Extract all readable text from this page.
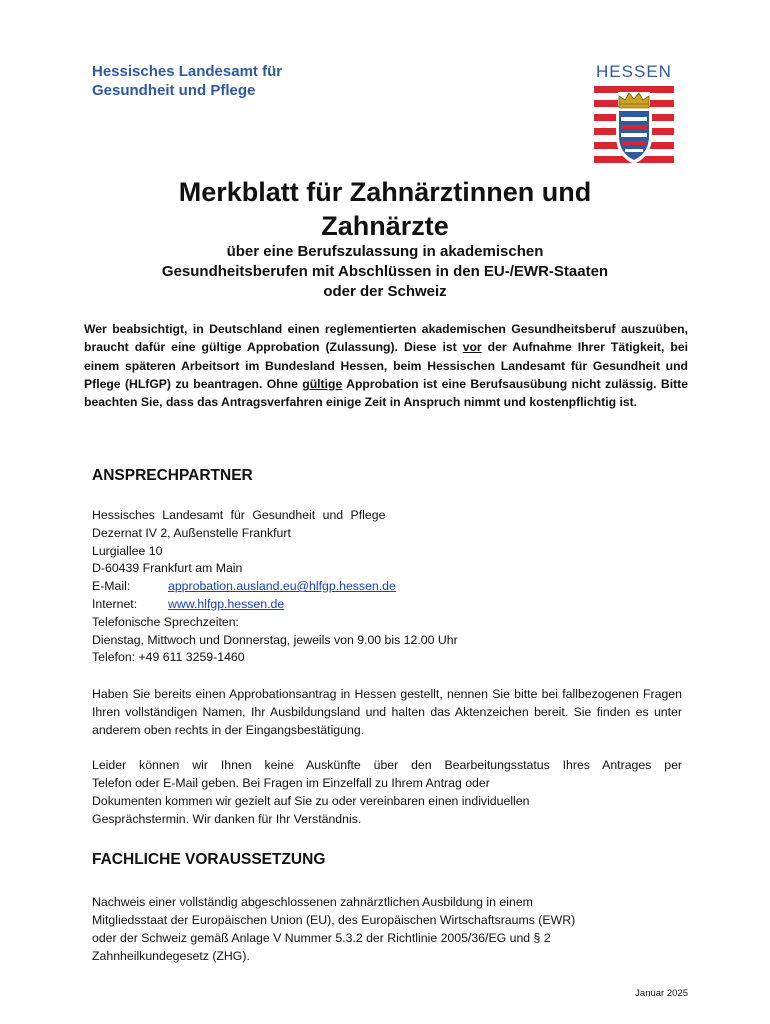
Hessisches Landesamt für
Gesundheit und Pflege
HESSEN
Merkblatt für Zahnärztinnen und
Zahnärzte
über eine Berufszulassung in akademischen
Gesundheitsberufen mit Abschlüssen in den EU-/EWR-Staaten
oder der Schweiz
Wer beabsichtigt, in Deutschland einen reglementierten akademischen Gesundheitsberuf auszuüben, braucht dafür eine gültige Approbation (Zulassung). Diese ist vor der Aufnahme Ihrer Tätigkeit, bei einem späteren Arbeitsort im Bundesland Hessen, beim Hessischen Landesamt für Gesundheit und Pflege (HLfGP) zu beantragen. Ohne gültige Approbation ist eine Berufsausübung nicht zulässig. Bitte beachten Sie, dass das Antragsverfahren einige Zeit in Anspruch nimmt und kostenpflichtig ist.
ANSPRECHPARTNER
Hessisches Landesamt für Gesundheit und Pflege
Dezernat IV 2, Außenstelle Frankfurt
Lurgiallee 10
D-60439 Frankfurt am Main
E-Mail:	approbation.ausland.eu@hlfgp.hessen.de
Internet:	www.hlfgp.hessen.de
Telefonische Sprechzeiten:
Dienstag, Mittwoch und Donnerstag, jeweils von 9.00 bis 12.00 Uhr
Telefon: +49 611 3259-1460
Haben Sie bereits einen Approbationsantrag in Hessen gestellt, nennen Sie bitte bei fallbezogenen Fragen Ihren vollständigen Namen, Ihr Ausbildungsland und halten das Aktenzeichen bereit. Sie finden es unter anderem oben rechts in der Eingangsbestätigung.
Leider können wir Ihnen keine Auskünfte über den Bearbeitungsstatus Ihres Antrages per
Telefon oder E-Mail geben. Bei Fragen im Einzelfall zu Ihrem Antrag oder
Dokumenten kommen wir gezielt auf Sie zu oder vereinbaren einen individuellen
Gesprächstermin. Wir danken für Ihr Verständnis.
FACHLICHE VORAUSSETZUNG
Nachweis einer vollständig abgeschlossenen zahnärztlichen Ausbildung in einem
Mitgliedsstaat der Europäischen Union (EU), des Europäischen Wirtschaftsraums (EWR)
oder der Schweiz gemäß Anlage V Nummer 5.3.2 der Richtlinie 2005/36/EG und § 2
Zahnheilkundegesetz (ZHG).
Januar 2025
